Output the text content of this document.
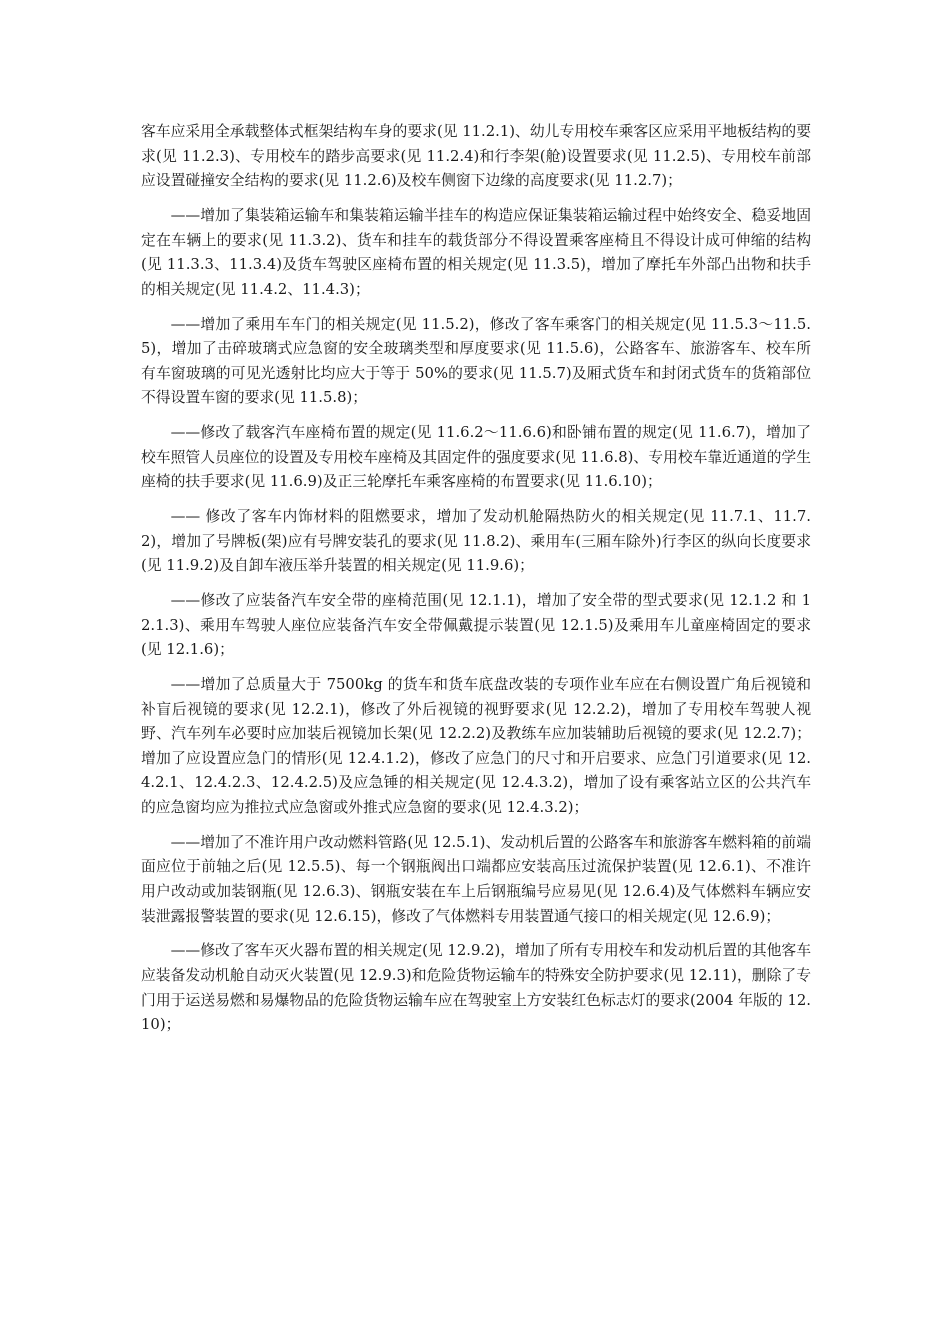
客车应采用全承载整体式框架结构车身的要求(见 11.2.1)、幼儿专用校车乘客区应采用平地板结构的要求(见 11.2.3)、专用校车的踏步高要求(见 11.2.4)和行李架(舱)设置要求(见 11.2.5)、专用校车前部应设置碰撞安全结构的要求(见 11.2.6)及校车侧窗下边缘的高度要求(见 11.2.7)；

——增加了集装箱运输车和集装箱运输半挂车的构造应保证集装箱运输过程中始终安全、稳妥地固定在车辆上的要求(见 11.3.2)、货车和挂车的载货部分不得设置乘客座椅且不得设计成可伸缩的结构(见 11.3.3、11.3.4)及货车驾驶区座椅布置的相关规定(见 11.3.5)，增加了摩托车外部凸出物和扶手的相关规定(见 11.4.2、11.4.3)；

——增加了乘用车车门的相关规定(见 11.5.2)，修改了客车乘客门的相关规定(见 11.5.3～11.5.5)，增加了击碎玻璃式应急窗的安全玻璃类型和厚度要求(见 11.5.6)，公路客车、旅游客车、校车所有车窗玻璃的可见光透射比均应大于等于 50%的要求(见 11.5.7)及厢式货车和封闭式货车的货箱部位不得设置车窗的要求(见 11.5.8)；

——修改了载客汽车座椅布置的规定(见 11.6.2～11.6.6)和卧铺布置的规定(见 11.6.7)，增加了校车照管人员座位的设置及专用校车座椅及其固定件的强度要求(见 11.6.8)、专用校车靠近通道的学生座椅的扶手要求(见 11.6.9)及正三轮摩托车乘客座椅的布置要求(见 11.6.10)；

—— 修改了客车内饰材料的阻燃要求，增加了发动机舱隔热防火的相关规定(见 11.7.1、11.7.2)，增加了号牌板(架)应有号牌安装孔的要求(见 11.8.2)、乘用车(三厢车除外)行李区的纵向长度要求(见 11.9.2)及自卸车液压举升装置的相关规定(见 11.9.6)；

——修改了应装备汽车安全带的座椅范围(见 12.1.1)，增加了安全带的型式要求(见 12.1.2 和 12.1.3)、乘用车驾驶人座位应装备汽车安全带佩戴提示装置(见 12.1.5)及乘用车儿童座椅固定的要求(见 12.1.6)；

——增加了总质量大于 7500kg 的货车和货车底盘改装的专项作业车应在右侧设置广角后视镜和补盲后视镜的要求(见 12.2.1)，修改了外后视镜的视野要求(见 12.2.2)，增加了专用校车驾驶人视野、汽车列车必要时应加装后视镜加长架(见 12.2.2)及教练车应加装辅助后视镜的要求(见 12.2.7)；增加了应设置应急门的情形(见 12.4.1.2)，修改了应急门的尺寸和开启要求、应急门引道要求(见 12.4.2.1、12.4.2.3、12.4.2.5)及应急锤的相关规定(见 12.4.3.2)，增加了设有乘客站立区的公共汽车的应急窗均应为推拉式应急窗或外推式应急窗的要求(见 12.4.3.2)；

——增加了不准许用户改动燃料管路(见 12.5.1)、发动机后置的公路客车和旅游客车燃料箱的前端面应位于前轴之后(见 12.5.5)、每一个钢瓶阀出口端都应安装高压过流保护装置(见 12.6.1)、不准许用户改动或加装钢瓶(见 12.6.3)、钢瓶安装在车上后钢瓶编号应易见(见 12.6.4)及气体燃料车辆应安装泄露报警装置的要求(见 12.6.15)，修改了气体燃料专用装置通气接口的相关规定(见 12.6.9)；

——修改了客车灭火器布置的相关规定(见 12.9.2)，增加了所有专用校车和发动机后置的其他客车应装备发动机舱自动灭火装置(见 12.9.3)和危险货物运输车的特殊安全防护要求(见 12.11)，删除了专门用于运送易燃和易爆物品的危险货物运输车应在驾驶室上方安装红色标志灯的要求(2004 年版的 12.10)；
